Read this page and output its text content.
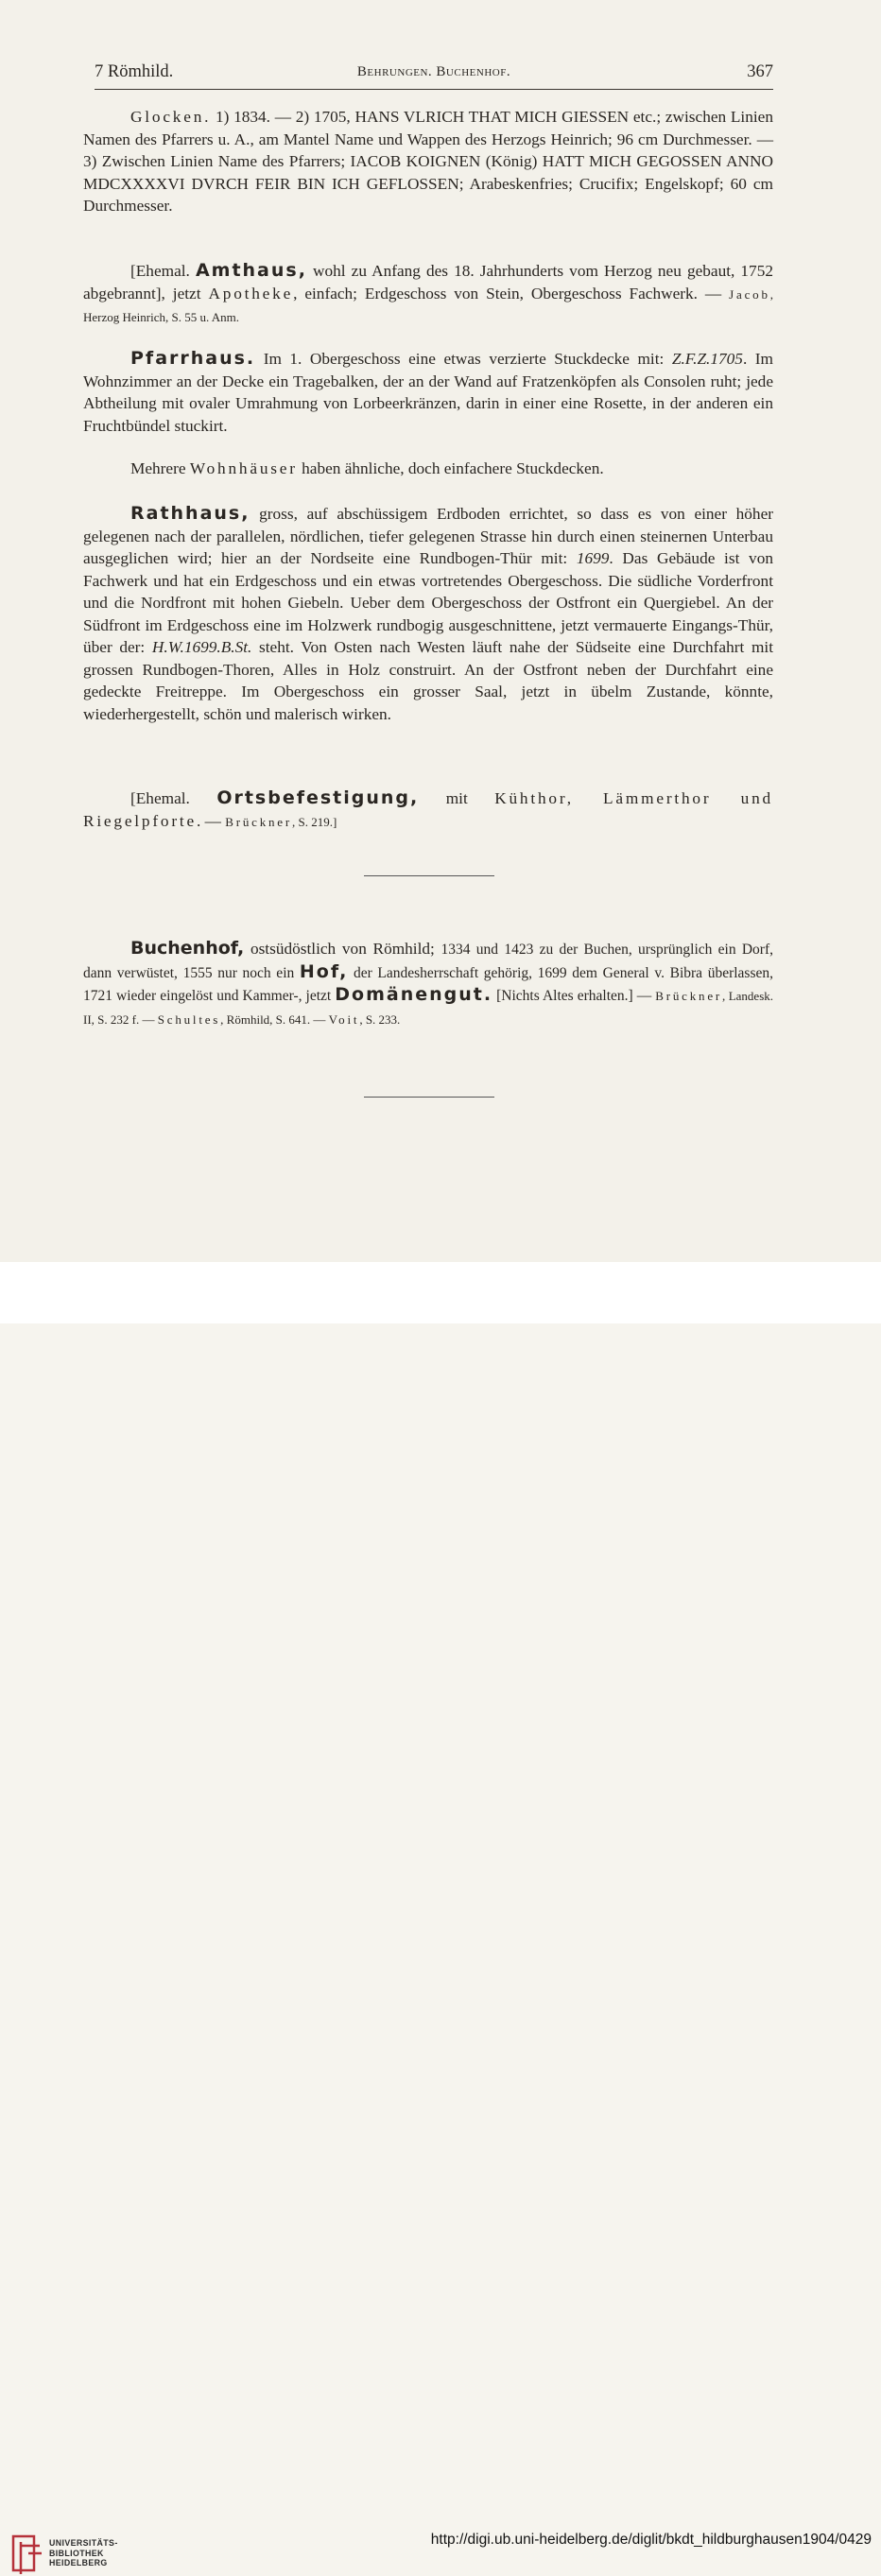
7 Römhild.	Behrungen. Buchenhof.	367

Glocken. 1) 1834. — 2) 1705, HANS VLRICH THAT MICH GIESSEN etc.; zwischen Linien Namen des Pfarrers u. A., am Mantel Name und Wappen des Herzogs Heinrich; 96 cm Durchmesser. — 3) Zwischen Linien Name des Pfarrers; IACOB KOIGNEN (König) HATT MICH GEGOSSEN ANNO MDCXXXXVI DVRCH FEIR BIN ICH GEFLOSSEN; Arabeskenfries; Crucifix; Engelskopf; 60 cm Durchmesser.

[Ehemal. Amthaus, wohl zu Anfang des 18. Jahrhunderts vom Herzog neu gebaut, 1752 abgebrannt], jetzt Apotheke, einfach; Erdgeschoss von Stein, Obergeschoss Fachwerk. — Jacob, Herzog Heinrich, S. 55 u. Anm.

Pfarrhaus. Im 1. Obergeschoss eine etwas verzierte Stuckdecke mit: Z.F.Z.1705. Im Wohnzimmer an der Decke ein Tragebalken, der an der Wand auf Fratzenköpfen als Consolen ruht; jede Abtheilung mit ovaler Umrahmung von Lorbeerkränzen, darin in einer eine Rosette, in der anderen ein Fruchtbündel stuckirt.

Mehrere Wohnhäuser haben ähnliche, doch einfachere Stuckdecken.

Rathhaus, gross, auf abschüssigem Erdboden errichtet, so dass es von einer höher gelegenen nach der parallelen, nördlichen, tiefer gelegenen Strasse hin durch einen steinernen Unterbau ausgeglichen wird; hier an der Nordseite eine Rundbogen-Thür mit: 1699. Das Gebäude ist von Fachwerk und hat ein Erdgeschoss und ein etwas vortretendes Obergeschoss. Die südliche Vorderfront und die Nordfront mit hohen Giebeln. Ueber dem Obergeschoss der Ostfront ein Quergiebel. An der Südfront im Erdgeschoss eine im Holzwerk rundbogig ausgeschnittene, jetzt vermauerte Eingangs-Thür, über der: H.W.1699.B.St. steht. Von Osten nach Westen läuft nahe der Südseite eine Durchfahrt mit grossen Rundbogen-Thoren, Alles in Holz construirt. An der Ostfront neben der Durchfahrt eine gedeckte Freitreppe. Im Obergeschoss ein grosser Saal, jetzt in übelm Zustande, könnte, wiederhergestellt, schön und malerisch wirken.

[Ehemal. Ortsbefestigung, mit Kühthor, Lämmerthor und Riegelpforte. — Brückner, S. 219.]

Buchenhof, ostsüdöstlich von Römhild; 1334 und 1423 zu der Buchen, ursprünglich ein Dorf, dann verwüstet, 1555 nur noch ein Hof, der Landesherrschaft gehörig, 1699 dem General v. Bibra überlassen, 1721 wieder eingelöst und Kammer-, jetzt Domänengut. [Nichts Altes erhalten.] — Brückner, Landesk. II, S. 232 f. — Schultes, Römhild, S. 641. — Voit, S. 233.

UNIVERSITÄTS-
BIBLIOTHEK
HEIDELBERG
http://digi.ub.uni-heidelberg.de/diglit/bkdt_hildburghausen1904/0429
